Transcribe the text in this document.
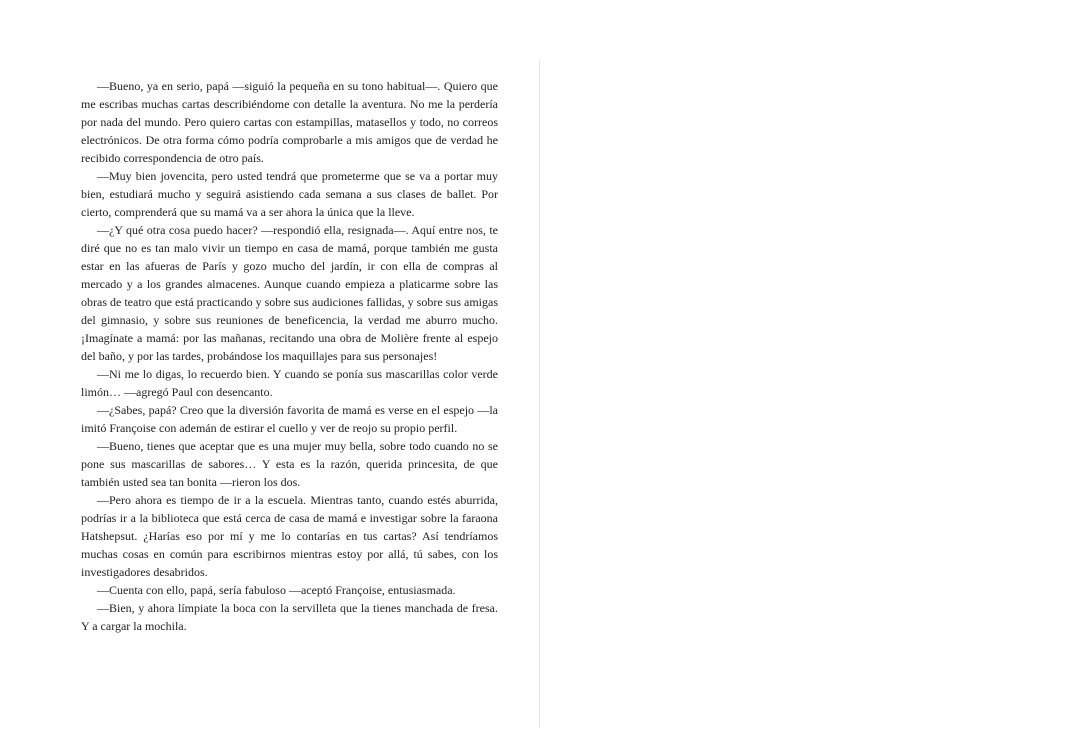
—Bueno, ya en serio, papá —siguió la pequeña en su tono habitual—. Quiero que me escribas muchas cartas describiéndome con detalle la aventura. No me la perdería por nada del mundo. Pero quiero cartas con estampillas, matasellos y todo, no correos electrónicos. De otra forma cómo podría comprobarle a mis amigos que de verdad he recibido correspondencia de otro país.

—Muy bien jovencita, pero usted tendrá que prometerme que se va a portar muy bien, estudiará mucho y seguirá asistiendo cada semana a sus clases de ballet. Por cierto, comprenderá que su mamá va a ser ahora la única que la lleve.

—¿Y qué otra cosa puedo hacer? —respondió ella, resignada—. Aquí entre nos, te diré que no es tan malo vivir un tiempo en casa de mamá, porque también me gusta estar en las afueras de París y gozo mucho del jardín, ir con ella de compras al mercado y a los grandes almacenes. Aunque cuando empieza a platicarme sobre las obras de teatro que está practicando y sobre sus audiciones fallidas, y sobre sus amigas del gimnasio, y sobre sus reuniones de beneficencia, la verdad me aburro mucho. ¡Imagínate a mamá: por las mañanas, recitando una obra de Molière frente al espejo del baño, y por las tardes, probándose los maquillajes para sus personajes!

—Ni me lo digas, lo recuerdo bien. Y cuando se ponía sus mascarillas color verde limón… —agregó Paul con desencanto.

—¿Sabes, papá? Creo que la diversión favorita de mamá es verse en el espejo —la imitó Françoise con ademán de estirar el cuello y ver de reojo su propio perfil.

—Bueno, tienes que aceptar que es una mujer muy bella, sobre todo cuando no se pone sus mascarillas de sabores… Y esta es la razón, querida princesita, de que también usted sea tan bonita —rieron los dos.

—Pero ahora es tiempo de ir a la escuela. Mientras tanto, cuando estés aburrida, podrías ir a la biblioteca que está cerca de casa de mamá e investigar sobre la faraona Hatshepsut. ¿Harías eso por mí y me lo contarías en tus cartas? Así tendríamos muchas cosas en común para escribirnos mientras estoy por allá, tú sabes, con los investigadores desabridos.

—Cuenta con ello, papá, sería fabuloso —aceptó Françoise, entusiasmada.

—Bien, y ahora límpiate la boca con la servilleta que la tienes manchada de fresa. Y a cargar la mochila.
